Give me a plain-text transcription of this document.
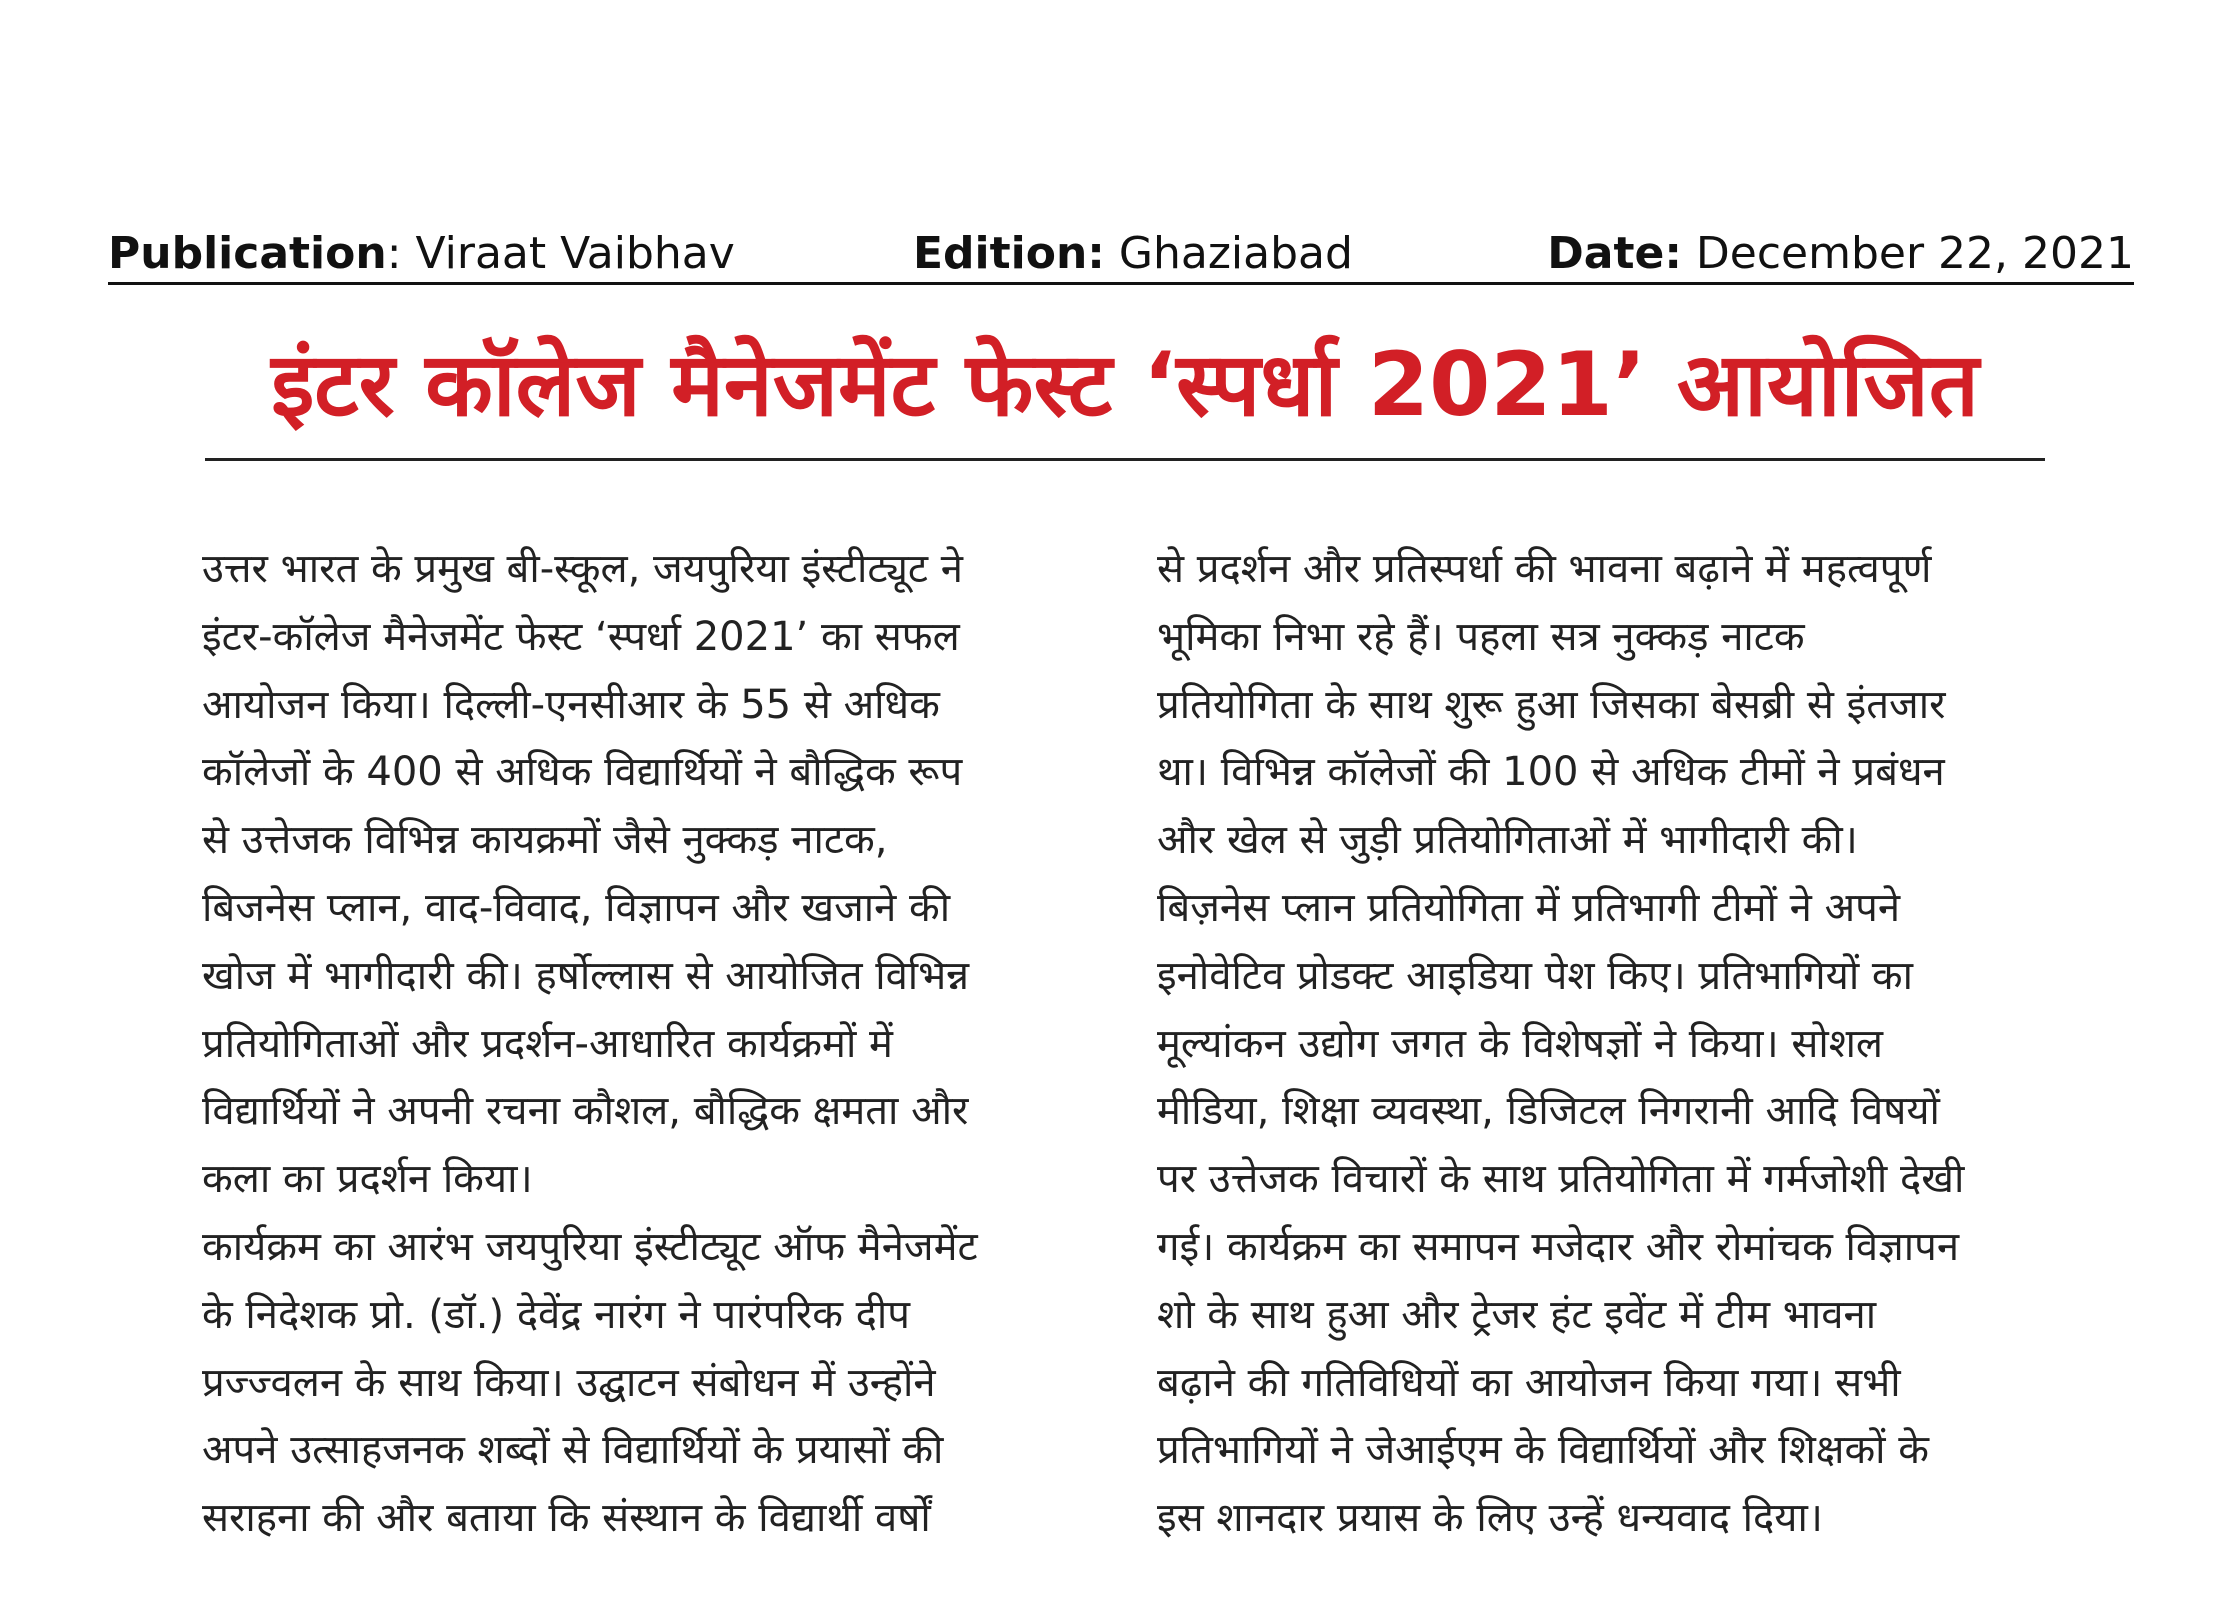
Publication: Viraat Vaibhav	Edition: Ghaziabad	Date: December 22, 2021
इंटर कॉलेज मैनेजमेंट फेस्ट ‘स्पर्धा 2021’ आयोजित
उत्तर भारत के प्रमुख बी-स्कूल, जयपुरिया इंस्टीट्यूट ने
इंटर-कॉलेज मैनेजमेंट फेस्ट ‘स्पर्धा 2021’ का सफल
आयोजन किया। दिल्ली-एनसीआर के 55 से अधिक
कॉलेजों के 400 से अधिक विद्यार्थियों ने बौद्धिक रूप
से उत्तेजक विभिन्न कायक्रमों जैसे नुक्कड़ नाटक,
बिजनेस प्लान, वाद-विवाद, विज्ञापन और खजाने की
खोज में भागीदारी की। हर्षोल्लास से आयोजित विभिन्न
प्रतियोगिताओं और प्रदर्शन-आधारित कार्यक्रमों में
विद्यार्थियों ने अपनी रचना कौशल, बौद्धिक क्षमता और
कला का प्रदर्शन किया।
कार्यक्रम का आरंभ जयपुरिया इंस्टीट्यूट ऑफ मैनेजमेंट
के निदेशक प्रो. (डॉ.) देवेंद्र नारंग ने पारंपरिक दीप
प्रज्ज्वलन के साथ किया। उद्घाटन संबोधन में उन्होंने
अपने उत्साहजनक शब्दों से विद्यार्थियों के प्रयासों की
सराहना की और बताया कि संस्थान के विद्यार्थी वर्षों
से प्रदर्शन और प्रतिस्पर्धा की भावना बढ़ाने में महत्वपूर्ण
भूमिका निभा रहे हैं। पहला सत्र नुक्कड़ नाटक
प्रतियोगिता के साथ शुरू हुआ जिसका बेसब्री से इंतजार
था। विभिन्न कॉलेजों की 100 से अधिक टीमों ने प्रबंधन
और खेल से जुड़ी प्रतियोगिताओं में भागीदारी की।
बिज़नेस प्लान प्रतियोगिता में प्रतिभागी टीमों ने अपने
इनोवेटिव प्रोडक्ट आइडिया पेश किए। प्रतिभागियों का
मूल्यांकन उद्योग जगत के विशेषज्ञों ने किया। सोशल
मीडिया, शिक्षा व्यवस्था, डिजिटल निगरानी आदि विषयों
पर उत्तेजक विचारों के साथ प्रतियोगिता में गर्मजोशी देखी
गई। कार्यक्रम का समापन मजेदार और रोमांचक विज्ञापन
शो के साथ हुआ और ट्रेजर हंट इवेंट में टीम भावना
बढ़ाने की गतिविधियों का आयोजन किया गया। सभी
प्रतिभागियों ने जेआईएम के विद्यार्थियों और शिक्षकों के
इस शानदार प्रयास के लिए उन्हें धन्यवाद दिया।
